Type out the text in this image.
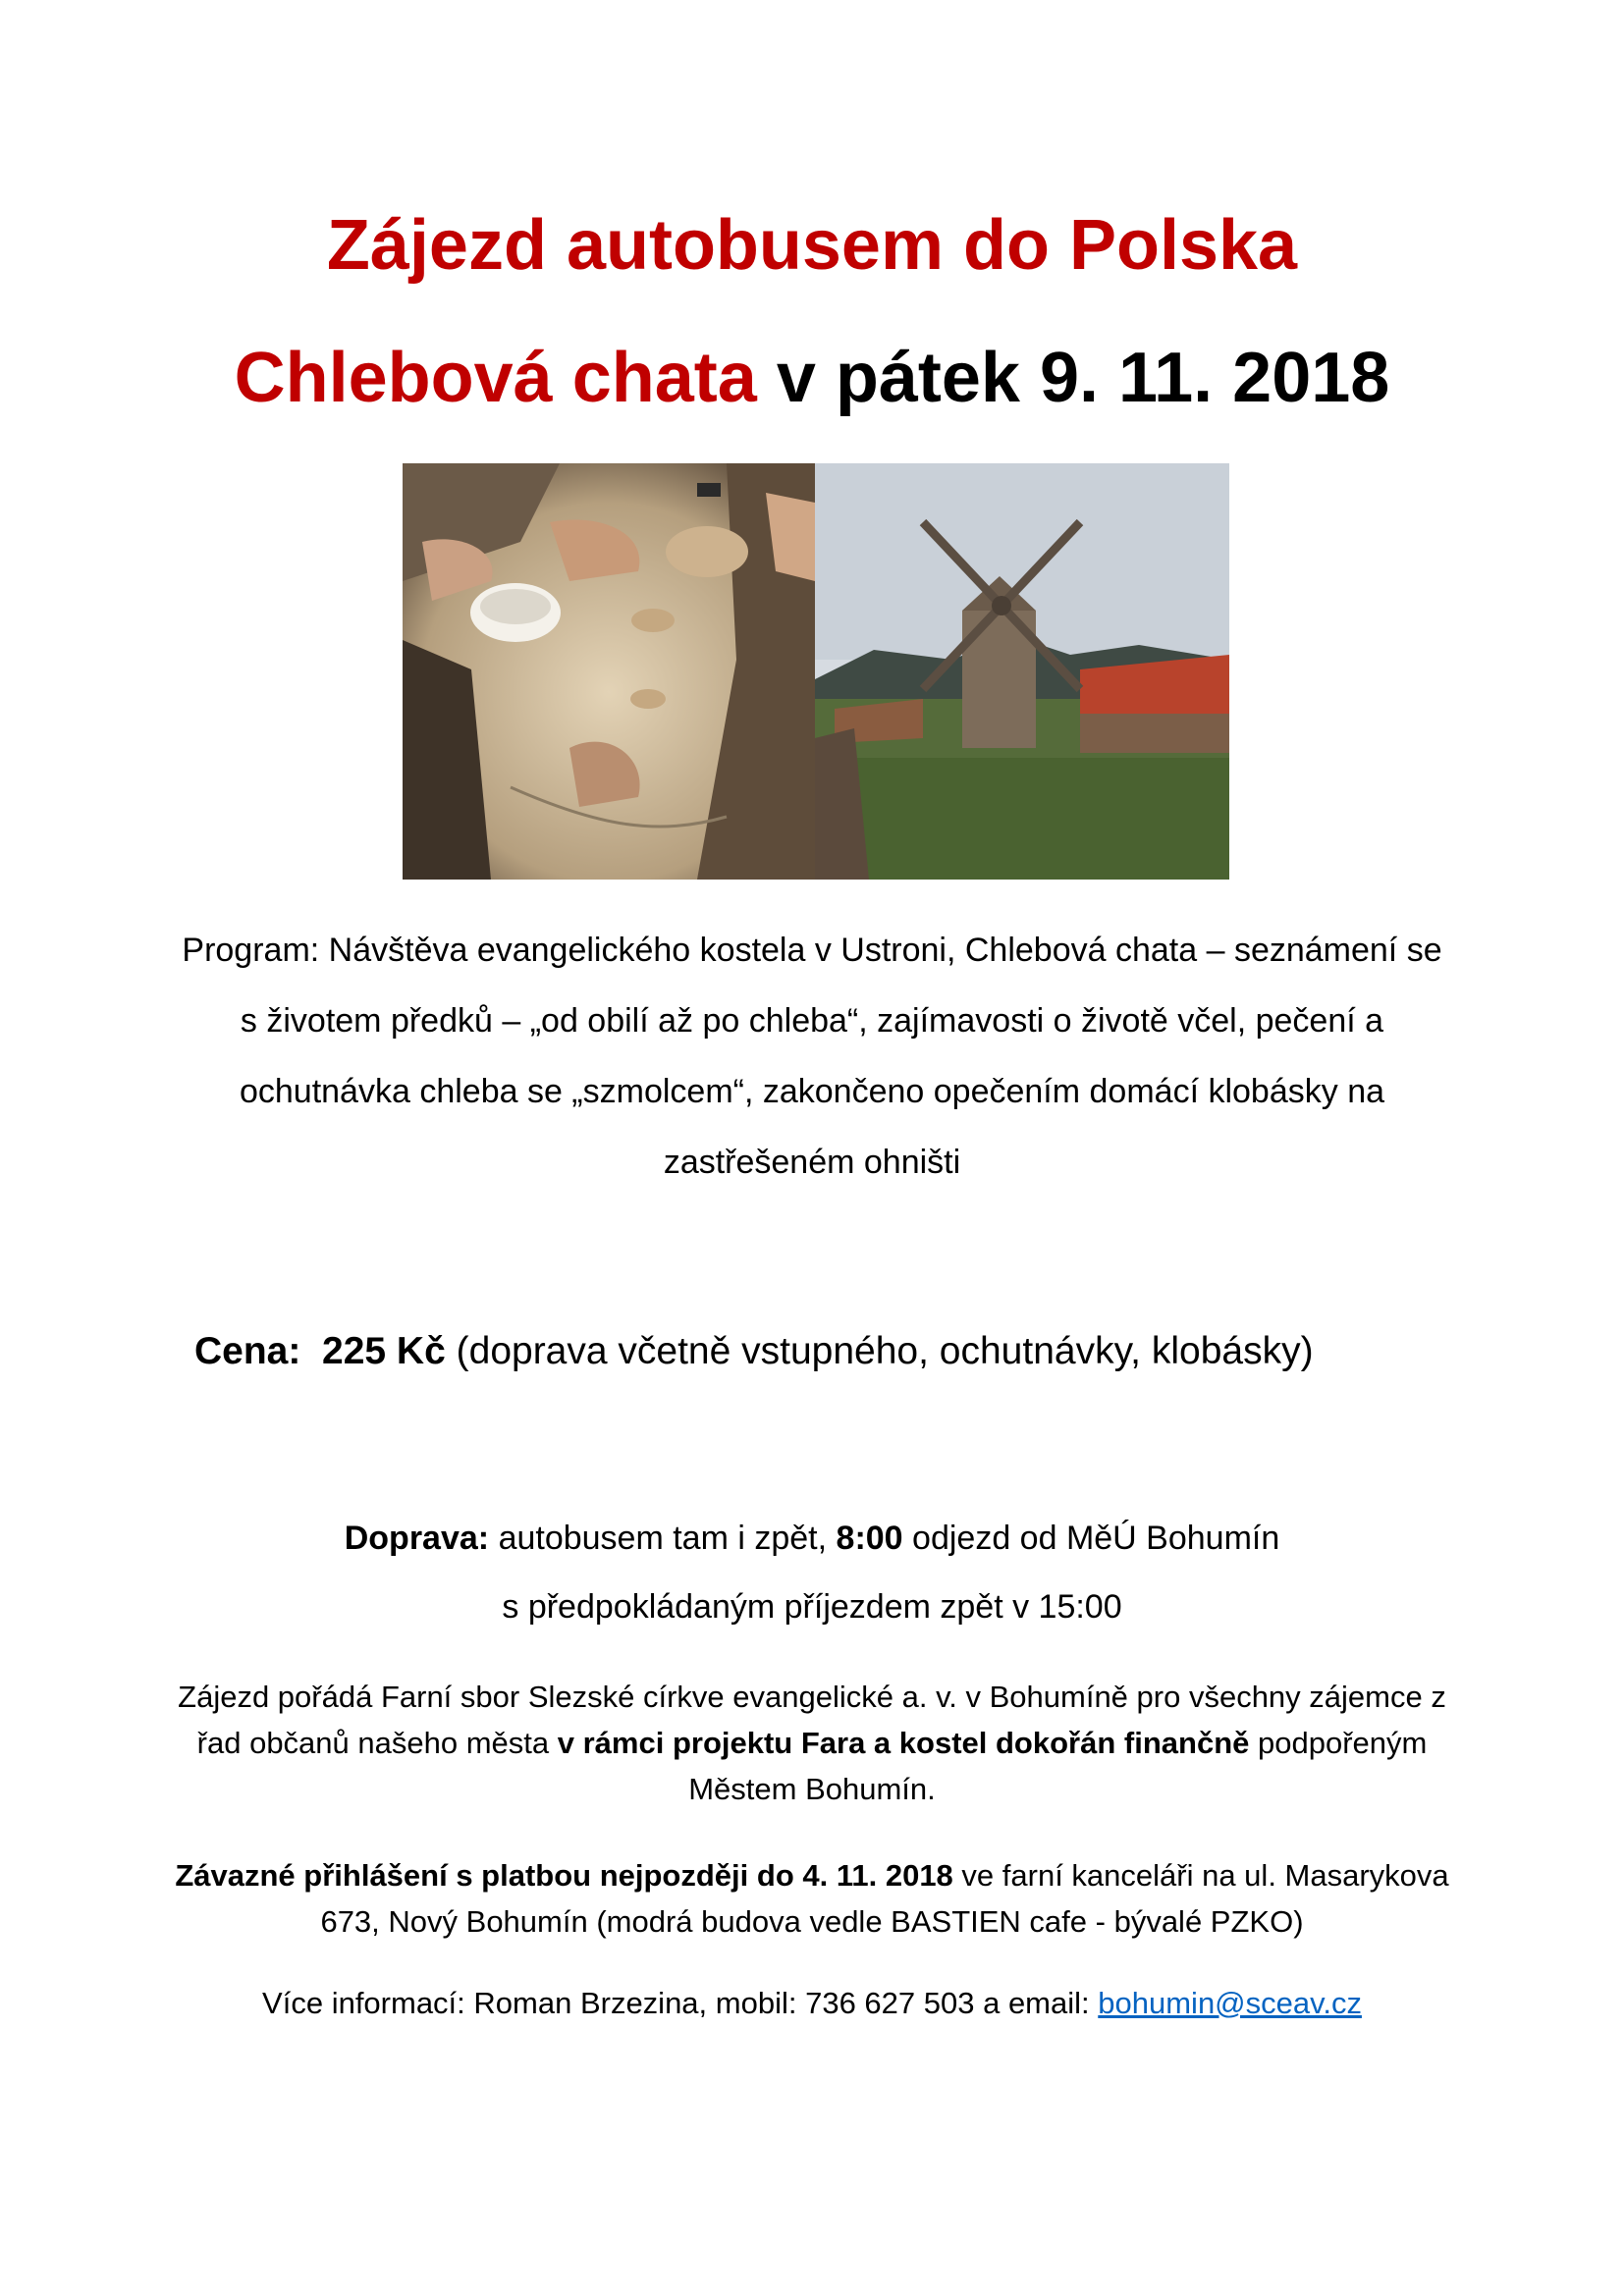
Zájezd autobusem do Polska
Chlebová chata v pátek 9. 11. 2018
Program: Návštěva evangelického kostela v Ustroni, Chlebová chata – seznámení se s životem předků – „od obilí až po chleba“, zajímavosti o životě včel, pečení a ochutnávka chleba se „szmolcem“, zakončeno opečením domácí klobásky na zastřešeném ohništi
Cena: 225 Kč (doprava včetně vstupného, ochutnávky, klobásky)
Doprava: autobusem tam i zpět, 8:00 odjezd od MěÚ Bohumín
s předpokládaným příjezdem zpět v 15:00
Zájezd pořádá Farní sbor Slezské církve evangelické a. v. v Bohumíně pro všechny zájemce z řad občanů našeho města v rámci projektu Fara a kostel dokořán finančně podpořeným Městem Bohumín.
Závazné přihlášení s platbou nejpozději do 4. 11. 2018 ve farní kanceláři na ul. Masarykova 673, Nový Bohumín (modrá budova vedle BASTIEN cafe - bývalé PZKO)
Více informací: Roman Brzezina, mobil: 736 627 503 a email: bohumin@sceav.cz
